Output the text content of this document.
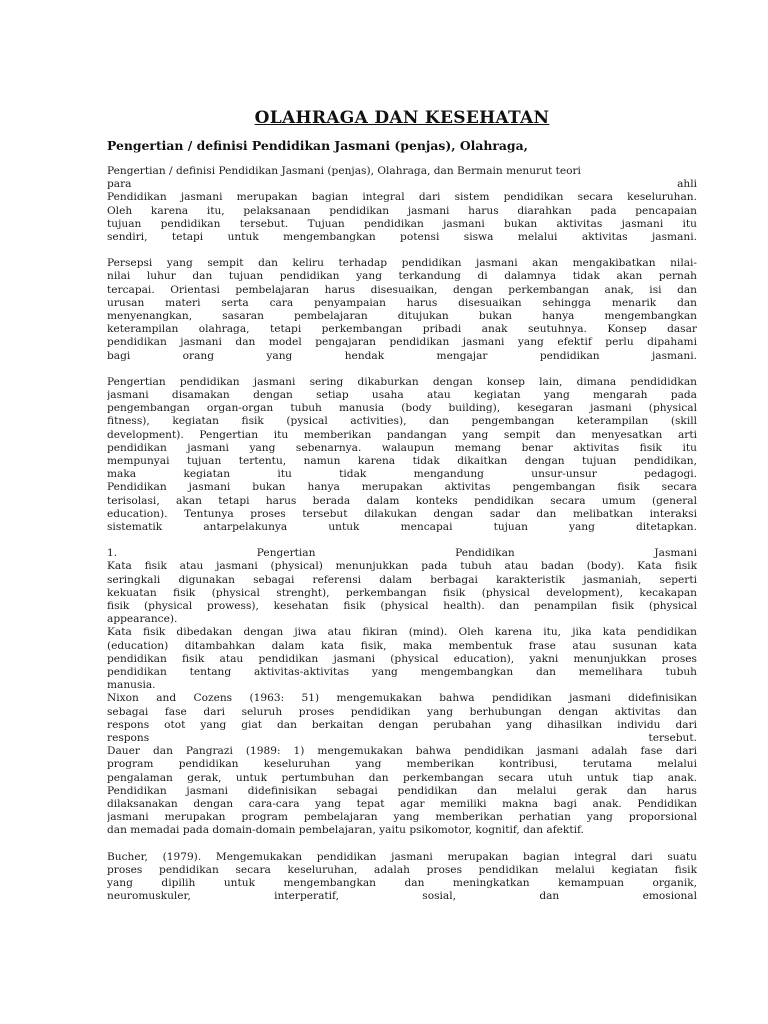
OLAHRAGA DAN KESEHATAN
Pengertian / definisi Pendidikan Jasmani (penjas), Olahraga,
Pengertian / definisi Pendidikan Jasmani (penjas), Olahraga, dan Bermain menurut teori
para ahli
Pendidikan jasmani merupakan bagian integral dari sistem pendidikan secara keseluruhan.
Oleh karena itu, pelaksanaan pendidikan jasmani harus diarahkan pada pencapaian
tujuan pendidikan tersebut. Tujuan pendidikan jasmani bukan aktivitas jasmani itu
sendiri, tetapi untuk mengembangkan potensi siswa melalui aktivitas jasmani.
Persepsi yang sempit dan keliru terhadap pendidikan jasmani akan mengakibatkan nilai-
nilai luhur dan tujuan pendidikan yang terkandung di dalamnya tidak akan pernah
tercapai. Orientasi pembelajaran harus disesuaikan, dengan perkembangan anak, isi dan
urusan materi serta cara penyampaian harus disesuaikan sehingga menarik dan
menyenangkan, sasaran pembelajaran ditujukan bukan hanya mengembangkan
keterampilan olahraga, tetapi perkembangan pribadi anak seutuhnya. Konsep dasar
pendidikan jasmani dan model pengajaran pendidikan jasmani yang efektif perlu dipahami
bagi orang yang hendak mengajar pendidikan jasmani.
Pengertian pendidikan jasmani sering dikaburkan dengan konsep lain, dimana pendididkan
jasmani disamakan dengan setiap usaha atau kegiatan yang mengarah pada
pengembangan organ-organ tubuh manusia (body building), kesegaran jasmani (physical
fitness), kegiatan fisik (pysical activities), dan pengembangan keterampilan (skill
development). Pengertian itu memberikan pandangan yang sempit dan menyesatkan arti
pendidikan jasmani yang sebenarnya. walaupun memang benar aktivitas fisik itu
mempunyai tujuan tertentu, namun karena tidak dikaitkan dengan tujuan pendidikan,
maka kegiatan itu tidak mengandung unsur-unsur pedagogi.
Pendidikan jasmani bukan hanya merupakan aktivitas pengembangan fisik secara
terisolasi, akan tetapi harus berada dalam konteks pendidikan secara umum (general
education). Tentunya proses tersebut dilakukan dengan sadar dan melibatkan interaksi
sistematik antarpelakunya untuk mencapai tujuan yang ditetapkan.
1. Pengertian Pendidikan Jasmani
Kata fisik atau jasmani (physical) menunjukkan pada tubuh atau badan (body). Kata fisik
seringkali digunakan sebagai referensi dalam berbagai karakteristik jasmaniah, seperti
kekuatan fisik (physical strenght), perkembangan fisik (physical development), kecakapan
fisik (physical prowess), kesehatan fisik (physical health). dan penampilan fisik (physical
appearance).
Kata fisik dibedakan dengan jiwa atau fikiran (mind). Oleh karena itu, jika kata pendidikan
(education) ditambahkan dalam kata fisik, maka membentuk frase atau susunan kata
pendidikan fisik atau pendidikan jasmani (physical education), yakni menunjukkan proses
pendidikan tentang aktivitas-aktivitas yang mengembangkan dan memelihara tubuh
manusia.
Nixon and Cozens (1963: 51) mengemukakan bahwa pendidikan jasmani didefinisikan
sebagai fase dari seluruh proses pendidikan yang berhubungan dengan aktivitas dan
respons otot yang giat dan berkaitan dengan perubahan yang dihasilkan individu dari
respons tersebut.
Dauer dan Pangrazi (1989: 1) mengemukakan bahwa pendidikan jasmani adalah fase dari
program pendidikan keseluruhan yang memberikan kontribusi, terutama melalui
pengalaman gerak, untuk pertumbuhan dan perkembangan secara utuh untuk tiap anak.
Pendidikan jasmani didefinisikan sebagai pendidikan dan melalui gerak dan harus
dilaksanakan dengan cara-cara yang tepat agar memiliki makna bagi anak. Pendidikan
jasmani merupakan program pembelajaran yang memberikan perhatian yang proporsional
dan memadai pada domain-domain pembelajaran, yaitu psikomotor, kognitif, dan afektif.
Bucher, (1979). Mengemukakan pendidikan jasmani merupakan bagian integral dari suatu
proses pendidikan secara keseluruhan, adalah proses pendidikan melalui kegiatan fisik
yang dipilih untuk mengembangkan dan meningkatkan kemampuan organik,
neuromuskuler, interperatif, sosial, dan emosional
